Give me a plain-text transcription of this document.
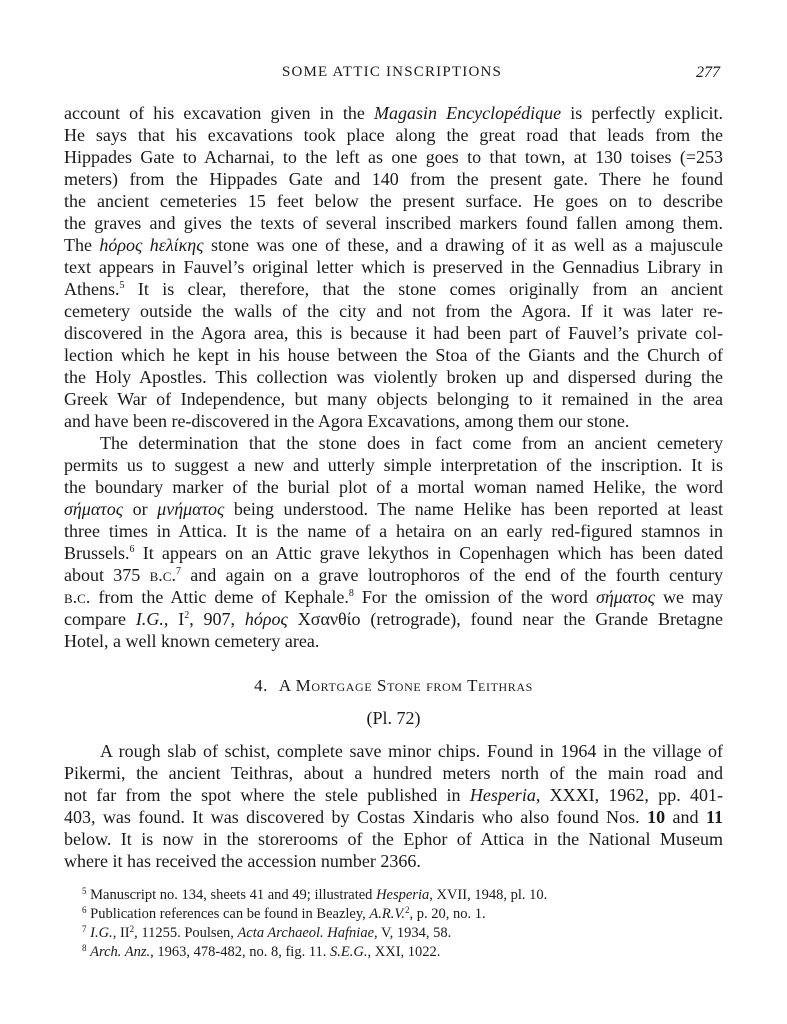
SOME ATTIC INSCRIPTIONS	277
account of his excavation given in the Magasin Encyclopédique is perfectly explicit.
He says that his excavations took place along the great road that leads from the
Hippades Gate to Acharnai, to the left as one goes to that town, at 130 toises (=253
meters) from the Hippades Gate and 140 from the present gate. There he found
the ancient cemeteries 15 feet below the present surface. He goes on to describe
the graves and gives the texts of several inscribed markers found fallen among them.
The hόρος hελίκης stone was one of these, and a drawing of it as well as a majuscule
text appears in Fauvel’s original letter which is preserved in the Gennadius Library in
Athens.$^5$ It is clear, therefore, that the stone comes originally from an ancient
cemetery outside the walls of the city and not from the Agora. If it was later re-
discovered in the Agora area, this is because it had been part of Fauvel’s private col-
lection which he kept in his house between the Stoa of the Giants and the Church of
the Holy Apostles. This collection was violently broken up and dispersed during the
Greek War of Independence, but many objects belonging to it remained in the area
and have been re-discovered in the Agora Excavations, among them our stone.
The determination that the stone does in fact come from an ancient cemetery
permits us to suggest a new and utterly simple interpretation of the inscription. It is
the boundary marker of the burial plot of a mortal woman named Helike, the word
σήματος or μνήματος being understood. The name Helike has been reported at least
three times in Attica. It is the name of a hetaira on an early red-figured stamnos in
Brussels.$^6$ It appears on an Attic grave lekythos in Copenhagen which has been dated
about 375 b.c.$^7$ and again on a grave loutrophoros of the end of the fourth century
b.c. from the Attic deme of Kephale.$^8$ For the omission of the word σήματος we may
compare I.G., $I^2$, 907, hόρος Χσανθίο (retrograde), found near the Grande Bretagne
Hotel, a well known cemetery area.
4. A Mortgage Stone from Teithras
(Pl. 72)
A rough slab of schist, complete save minor chips. Found in 1964 in the village of
Pikermi, the ancient Teithras, about a hundred meters north of the main road and
not far from the spot where the stele published in Hesperia, XXXI, 1962, pp. 401-
403, was found. It was discovered by Costas Xindaris who also found Nos. 10 and 11
below. It is now in the storerooms of the Ephor of Attica in the National Museum
where it has received the accession number 2366.
$^5$ Manuscript no. 134, sheets 41 and 49; illustrated Hesperia, XVII, 1948, pl. 10.
$^6$ Publication references can be found in Beazley, A.R.V.$^2$, p. 20, no. 1.
$^7$ I.G., $II^2$, 11255. Poulsen, Acta Archaeol. Hafniae, V, 1934, 58.
$^8$ Arch. Anz., 1963, 478-482, no. 8, fig. 11. S.E.G., XXI, 1022.
